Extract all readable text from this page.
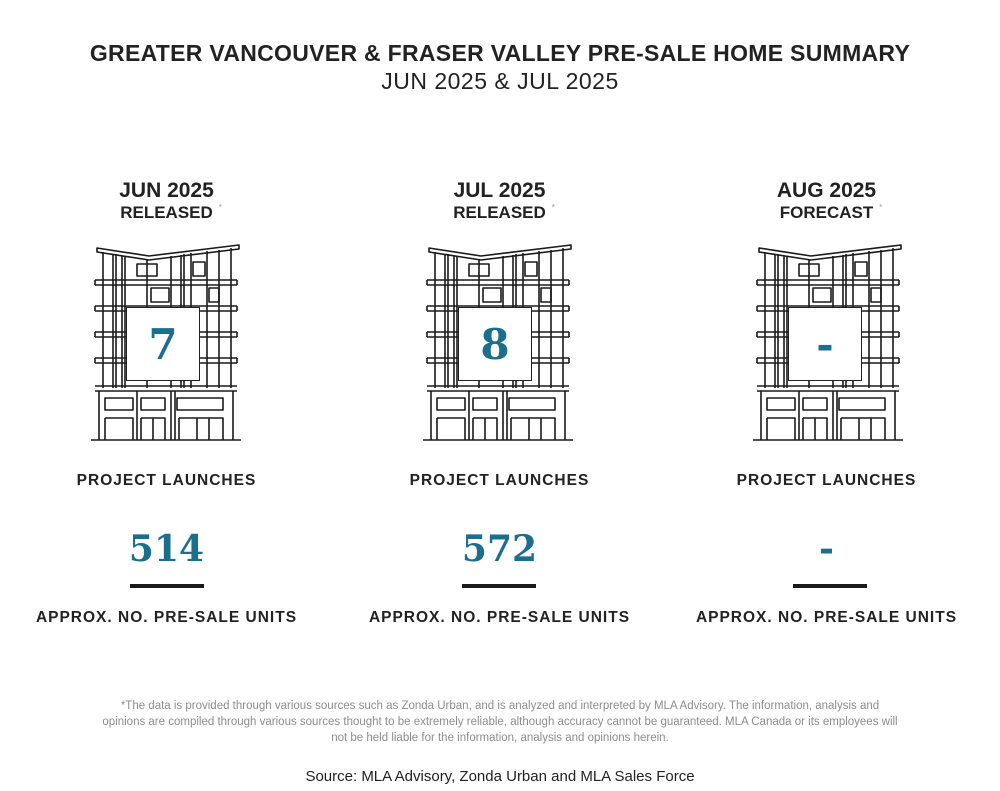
GREATER VANCOUVER & FRASER VALLEY PRE-SALE HOME SUMMARY
JUN 2025 & JUL 2025
JUN 2025
RELEASED *
7
PROJECT LAUNCHES
514
APPROX. NO. PRE-SALE UNITS
JUL 2025
RELEASED *
8
PROJECT LAUNCHES
572
APPROX. NO. PRE-SALE UNITS
AUG 2025
FORECAST *
-
PROJECT LAUNCHES
-
APPROX. NO. PRE-SALE UNITS
*The data is provided through various sources such as Zonda Urban, and is analyzed and interpreted by MLA Advisory. The information, analysis and opinions are compiled through various sources thought to be extremely reliable, although accuracy cannot be guaranteed. MLA Canada or its employees will not be held liable for the information, analysis and opinions herein.
Source: MLA Advisory, Zonda Urban and MLA Sales Force
